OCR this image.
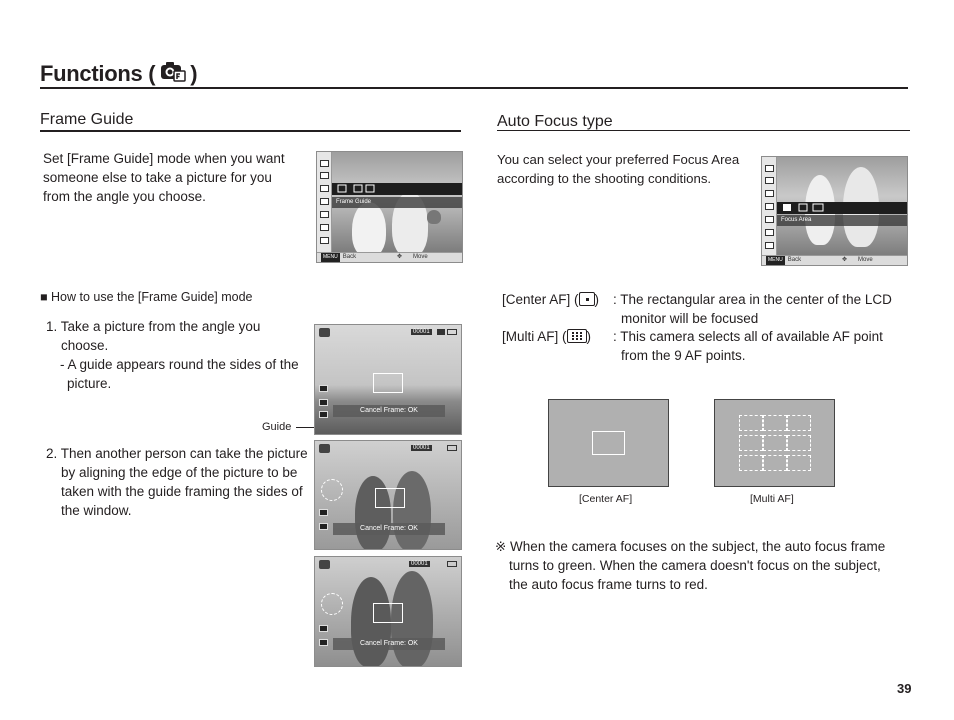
Functions ( )
Frame Guide
Set [Frame Guide] mode when you want
someone else to take a picture for you
from the angle you choose.	Frame Guide
MENU Back	✥ Move
■ How to use the [Frame Guide] mode
1. Take a picture from the angle you
choose.
- A guide appears round the sides of the
picture.
Guide
2. Then another person can take the picture
by aligning the edge of the picture to be
taken with the guide framing the sides of
the window.
00001
Cancel Frame: OK
00001
Cancel Frame: OK
00001
Cancel Frame: OK
Auto Focus type
You can select your preferred Focus Area
according to the shooting conditions.
Focus Area
MENU Back	✥ Move
[Center AF] ( ) : The rectangular area in the center of the LCD
monitor will be focused
[Multi AF] ( ) : This camera selects all of available AF point
from the 9 AF points.
[Center AF]	[Multi AF]
※ When the camera focuses on the subject, the auto focus frame
turns to green. When the camera doesn't focus on the subject,
the auto focus frame turns to red.
39
